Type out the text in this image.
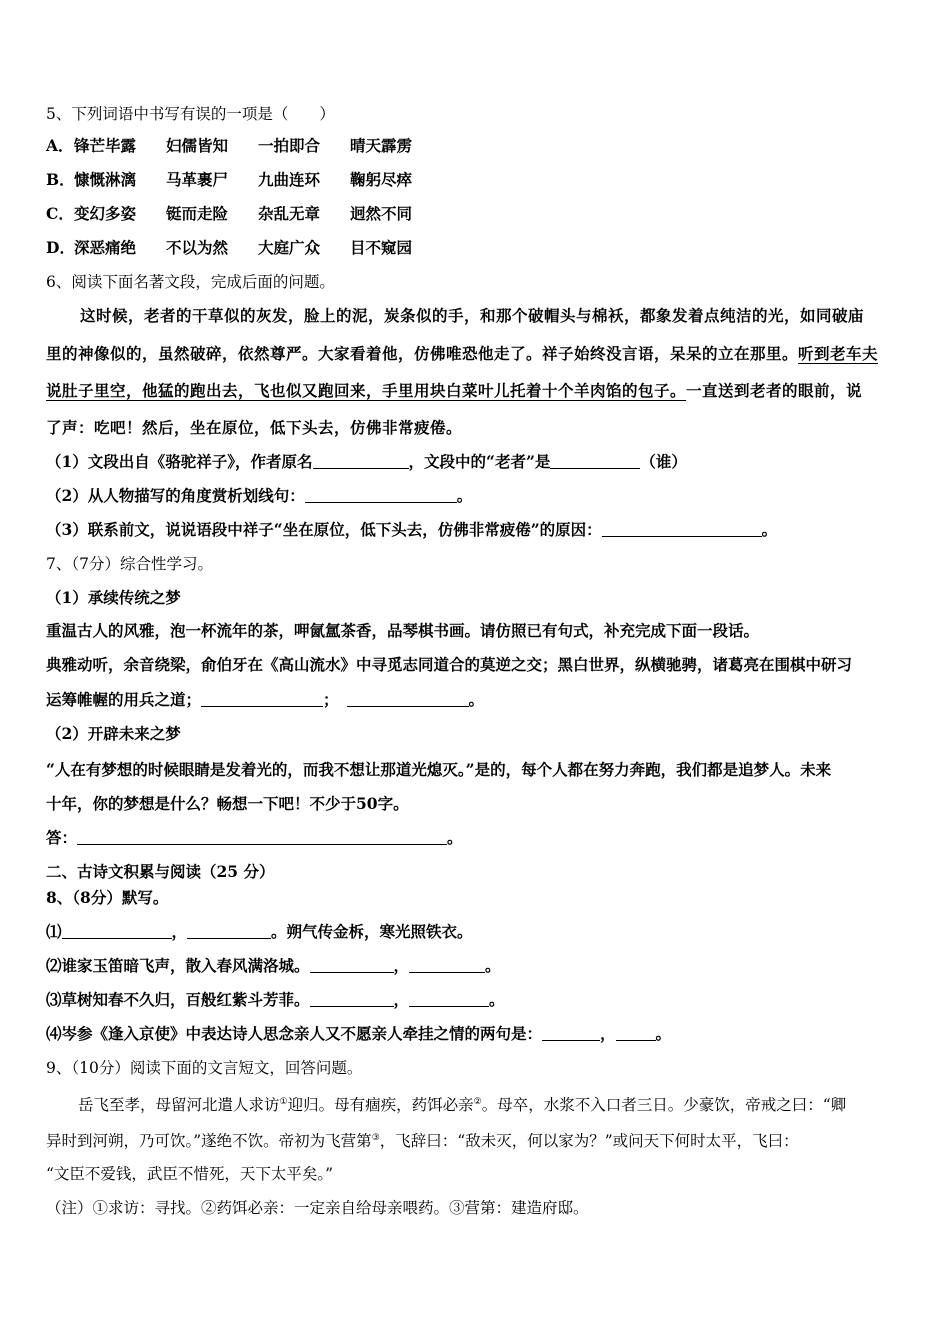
5、下列词语中书写有误的一项是（　　）
A．锋芒毕露 妇儒皆知 一拍即合 晴天霹雳
B．慷慨淋漓 马革裹尸 九曲连环 鞠躬尽瘁
C．变幻多姿 铤而走险 杂乱无章 迥然不同
D．深恶痛绝 不以为然 大庭广众 目不窥园
6、阅读下面名著文段，完成后面的问题。
这时候，老者的干草似的灰发，脸上的泥，炭条似的手，和那个破帽头与棉袄，都象发着点纯洁的光，如同破庙
里的神像似的，虽然破碎，依然尊严。大家看着他，仿佛唯恐他走了。祥子始终没言语，呆呆的立在那里。听到老车夫
说肚子里空，他猛的跑出去，飞也似又跑回来，手里用块白菜叶儿托着十个羊肉馅的包子。一直送到老者的眼前，说
了声：吃吧！然后，坐在原位，低下头去，仿佛非常疲倦。
（1）文段出自《骆驼祥子》，作者原名	，文段中的“老者”是	（谁）
（2）从人物描写的角度赏析划线句：	。
（3）联系前文，说说语段中祥子“坐在原位，低下头去，仿佛非常疲倦”的原因：	。
7、（7分）综合性学习。
（1）承续传统之梦
重温古人的风雅，泡一杯流年的茶，呷氤氲茶香，品琴棋书画。请仿照已有句式，补充完成下面一段话。
典雅动听，余音绕梁，俞伯牙在《高山流水》中寻觅志同道合的莫逆之交；黑白世界，纵横驰骋，诸葛亮在围棋中研习
运筹帷幄的用兵之道；	；	。
（2）开辟未来之梦
“人在有梦想的时候眼睛是发着光的，而我不想让那道光熄灭。”是的，每个人都在努力奔跑，我们都是追梦人。未来
十年，你的梦想是什么？畅想一下吧！不少于50字。
答：	。
二、古诗文积累与阅读（25 分）
8、（8分）默写。
⑴	，	。朔气传金柝，寒光照铁衣。
⑵谁家玉笛暗飞声，散入春风满洛城。	，	。
⑶草树知春不久归，百般红紫斗芳菲。	，	。
⑷岑参《逢入京使》中表达诗人思念亲人又不愿亲人牵挂之情的两句是：	，	。
9、（10分）阅读下面的文言短文，回答问题。
岳飞至孝，母留河北遣人求访①迎归。母有痼疾，药饵必亲②。母卒，水浆不入口者三日。少豪饮，帝戒之曰：“卿
异时到河朔，乃可饮。”遂绝不饮。帝初为飞营第③，飞辞曰：“敌未灭，何以家为？”或问天下何时太平，飞曰：
“文臣不爱钱，武臣不惜死，天下太平矣。”
（注）①求访：寻找。②药饵必亲：一定亲自给母亲喂药。③营第：建造府邸。
